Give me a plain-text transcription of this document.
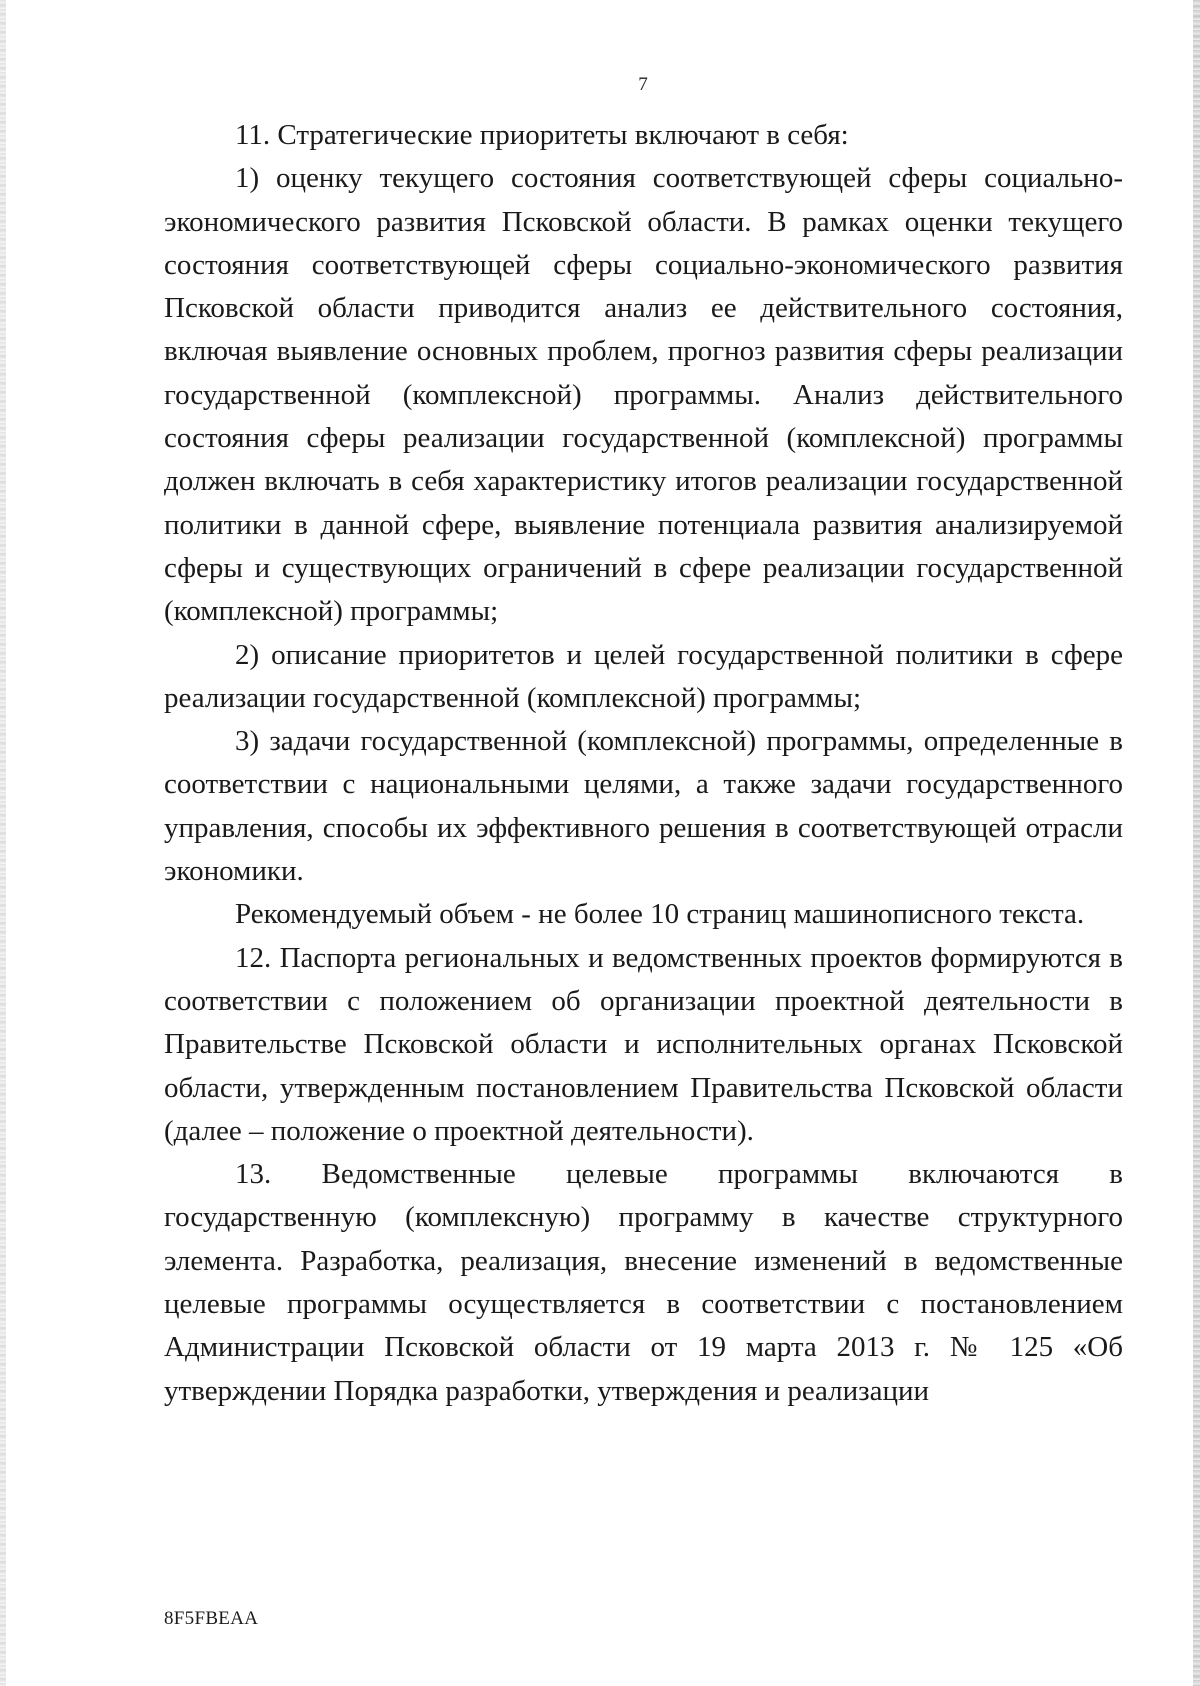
7

11. Стратегические приоритеты включают в себя:

1) оценку текущего состояния соответствующей сферы социально-экономического развития Псковской области. В рамках оценки текущего состояния соответствующей сферы социально-экономического развития Псковской области приводится анализ ее действительного состояния, включая выявление основных проблем, прогноз развития сферы реализации государственной (комплексной) программы. Анализ действительного состояния сферы реализации государственной (комплексной) программы должен включать в себя характеристику итогов реализации государственной политики в данной сфере, выявление потенциала развития анализируемой сферы и существующих ограничений в сфере реализации государственной (комплексной) программы;

2) описание приоритетов и целей государственной политики в сфере реализации государственной (комплексной) программы;

3) задачи государственной (комплексной) программы, определенные в соответствии с национальными целями, а также задачи государственного управления, способы их эффективного решения в соответствующей отрасли экономики.

Рекомендуемый объем - не более 10 страниц машинописного текста.

12. Паспорта региональных и ведомственных проектов формируются в соответствии с положением об организации проектной деятельности в Правительстве Псковской области и исполнительных органах Псковской области, утвержденным постановлением Правительства Псковской области (далее – положение о проектной деятельности).

13. Ведомственные целевые программы включаются в государственную (комплексную) программу в качестве структурного элемента. Разработка, реализация, внесение изменений в ведомственные целевые программы осуществляется в соответствии с постановлением Администрации Псковской области от 19 марта 2013 г. № 125 «Об утверждении Порядка разработки, утверждения и реализации

8F5FBEAA
